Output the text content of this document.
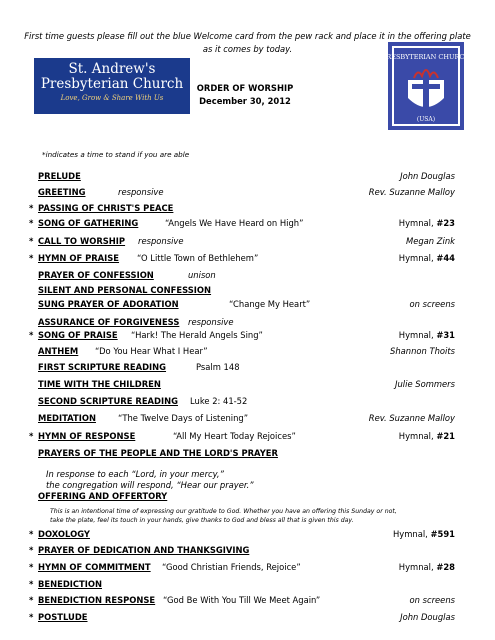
First time guests please fill out the blue Welcome card from the pew rack and place it in the offering plate as it comes by today.
St. Andrew's
Presbyterian Church
Love, Grow & Share With Us
ORDER OF WORSHIP
December 30, 2012
PRESBYTERIAN CHURCH
(USA)
*indicates a time to stand if you are able
PRELUDE	John Douglas
GREETING	responsive	Rev. Suzanne Malloy
* PASSING OF CHRIST'S PEACE
* SONG OF GATHERING	“Angels We Have Heard on High”	Hymnal, #23
* CALL TO WORSHIP responsive	Megan Zink
* HYMN OF PRAISE “O Little Town of Bethlehem”	Hymnal, #44
PRAYER OF CONFESSION	unison
SILENT AND PERSONAL CONFESSION
SUNG PRAYER OF ADORATION	“Change My Heart”	on screens
ASSURANCE OF FORGIVENESS responsive
* SONG OF PRAISE “Hark! The Herald Angels Sing”	Hymnal, #31
ANTHEM “Do You Hear What I Hear”	Shannon Thoits
FIRST SCRIPTURE READING	Psalm 148
TIME WITH THE CHILDREN	Julie Sommers
SECOND SCRIPTURE READING Luke 2: 41-52
MEDITATION	“The Twelve Days of Listening”	Rev. Suzanne Malloy
* HYMN OF RESPONSE	“All My Heart Today Rejoices”	Hymnal, #21
PRAYERS OF THE PEOPLE AND THE LORD'S PRAYER
OFFERING AND OFFERTORY
* DOXOLOGY	Hymnal, #591
* PRAYER OF DEDICATION AND THANKSGIVING
* HYMN OF COMMITMENT “Good Christian Friends, Rejoice”	Hymnal, #28
* BENEDICTION
* BENEDICTION RESPONSE “God Be With You Till We Meet Again”	on screens
* POSTLUDE	John Douglas
In response to each “Lord, in your mercy,”
the congregation will respond, “Hear our prayer.”
This is an intentional time of expressing our gratitude to God. Whether you have an offering this Sunday or not,
take the plate, feel its touch in your hands, give thanks to God and bless all that is given this day.
